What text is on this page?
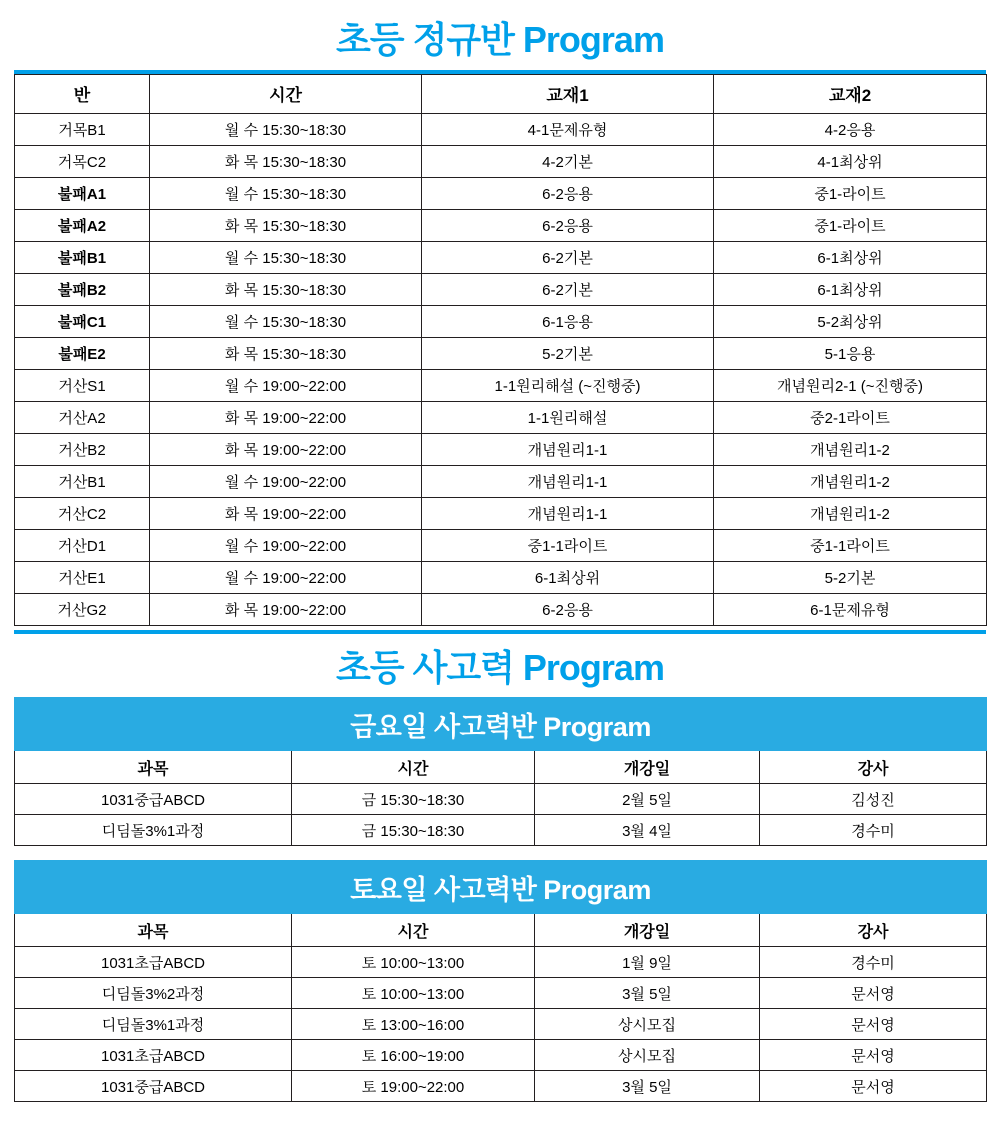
초등 정규반 Program
반	시간	교재1	교재2
거목B1	월 수 15:30~18:30	4-1문제유형	4-2응용
거목C2	화 목 15:30~18:30	4-2기본	4-1최상위
불패A1	월 수 15:30~18:30	6-2응용	중1-라이트
불패A2	화 목 15:30~18:30	6-2응용	중1-라이트
불패B1	월 수 15:30~18:30	6-2기본	6-1최상위
불패B2	화 목 15:30~18:30	6-2기본	6-1최상위
불패C1	월 수 15:30~18:30	6-1응용	5-2최상위
불패E2	화 목 15:30~18:30	5-2기본	5-1응용
거산S1	월 수 19:00~22:00	1-1원리해설 (~진행중)	개념원리2-1 (~진행중)
거산A2	화 목 19:00~22:00	1-1원리해설	중2-1라이트
거산B2	화 목 19:00~22:00	개념원리1-1	개념원리1-2
거산B1	월 수 19:00~22:00	개념원리1-1	개념원리1-2
거산C2	화 목 19:00~22:00	개념원리1-1	개념원리1-2
거산D1	월 수 19:00~22:00	중1-1라이트	중1-1라이트
거산E1	월 수 19:00~22:00	6-1최상위	5-2기본
거산G2	화 목 19:00~22:00	6-2응용	6-1문제유형
초등 사고력 Program
금요일 사고력반 Program			
과목	시간	개강일	강사
1031중급ABCD	금 15:30~18:30	2월 5일	김성진
디딤돌3%1과정	금 15:30~18:30	3월 4일	경수미
토요일 사고력반 Program			
과목	시간	개강일	강사
1031초급ABCD	토 10:00~13:00	1월 9일	경수미
디딤돌3%2과정	토 10:00~13:00	3월 5일	문서영
디딤돌3%1과정	토 13:00~16:00	상시모집	문서영
1031초급ABCD	토 16:00~19:00	상시모집	문서영
1031중급ABCD	토 19:00~22:00	3월 5일	문서영
